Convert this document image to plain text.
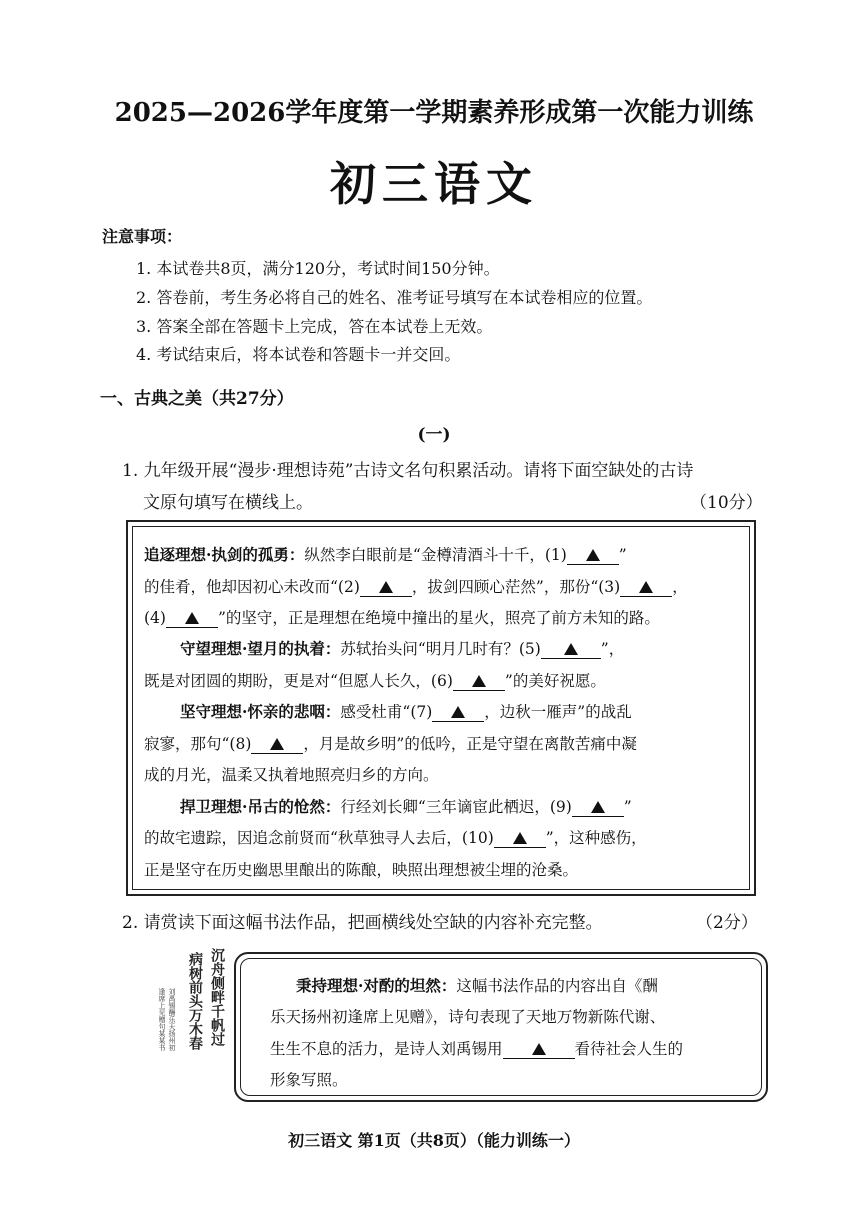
2025—2026学年度第一学期素养形成第一次能力训练
初三语文
注意事项：
1. 本试卷共8页，满分120分，考试时间150分钟。
2. 答卷前，考生务必将自己的姓名、准考证号填写在本试卷相应的位置。
3. 答案全部在答题卡上完成，答在本试卷上无效。
4. 考试结束后，将本试卷和答题卡一并交回。
一、古典之美（共27分）
(一)
1. 九年级开展“漫步·理想诗苑”古诗文名句积累活动。请将下面空缺处的古诗
文原句填写在横线上。	（10分）
追逐理想·执剑的孤勇：纵然李白眼前是“金樽清酒斗十千，(1)	”
的佳肴，他却因初心未改而“(2)	，拔剑四顾心茫然”，那份“(3)	，
(4)	”的坚守，正是理想在绝境中撞出的星火，照亮了前方未知的路。
守望理想·望月的执着：苏轼抬头问“明月几时有？(5)	”，
既是对团圆的期盼，更是对“但愿人长久，(6)	”的美好祝愿。
坚守理想·怀亲的悲咽：感受杜甫“(7)	，边秋一雁声”的战乱
寂寥，那句“(8)	，月是故乡明”的低吟，正是守望在离散苦痛中凝
成的月光，温柔又执着地照亮归乡的方向。
捍卫理想·吊古的怆然：行经刘长卿“三年谪宦此栖迟，(9)	”
的故宅遗踪，因追念前贤而“秋草独寻人去后，(10)	”，这种感伤，
正是坚守在历史幽思里酿出的陈酿，映照出理想被尘埋的沧桑。
2. 请赏读下面这幅书法作品，把画横线处空缺的内容补充完整。	（2分）
沉舟侧畔千帆过
病树前头万木春
刘禹锡酬乐天扬州初
逢席上见赠句某某书
秉持理想·对酌的坦然：这幅书法作品的内容出自《酬
乐天扬州初逢席上见赠》，诗句表现了天地万物新陈代谢、
生生不息的活力，是诗人刘禹锡用	看待社会人生的
形象写照。
初三语文 第1页（共8页）（能力训练一）
